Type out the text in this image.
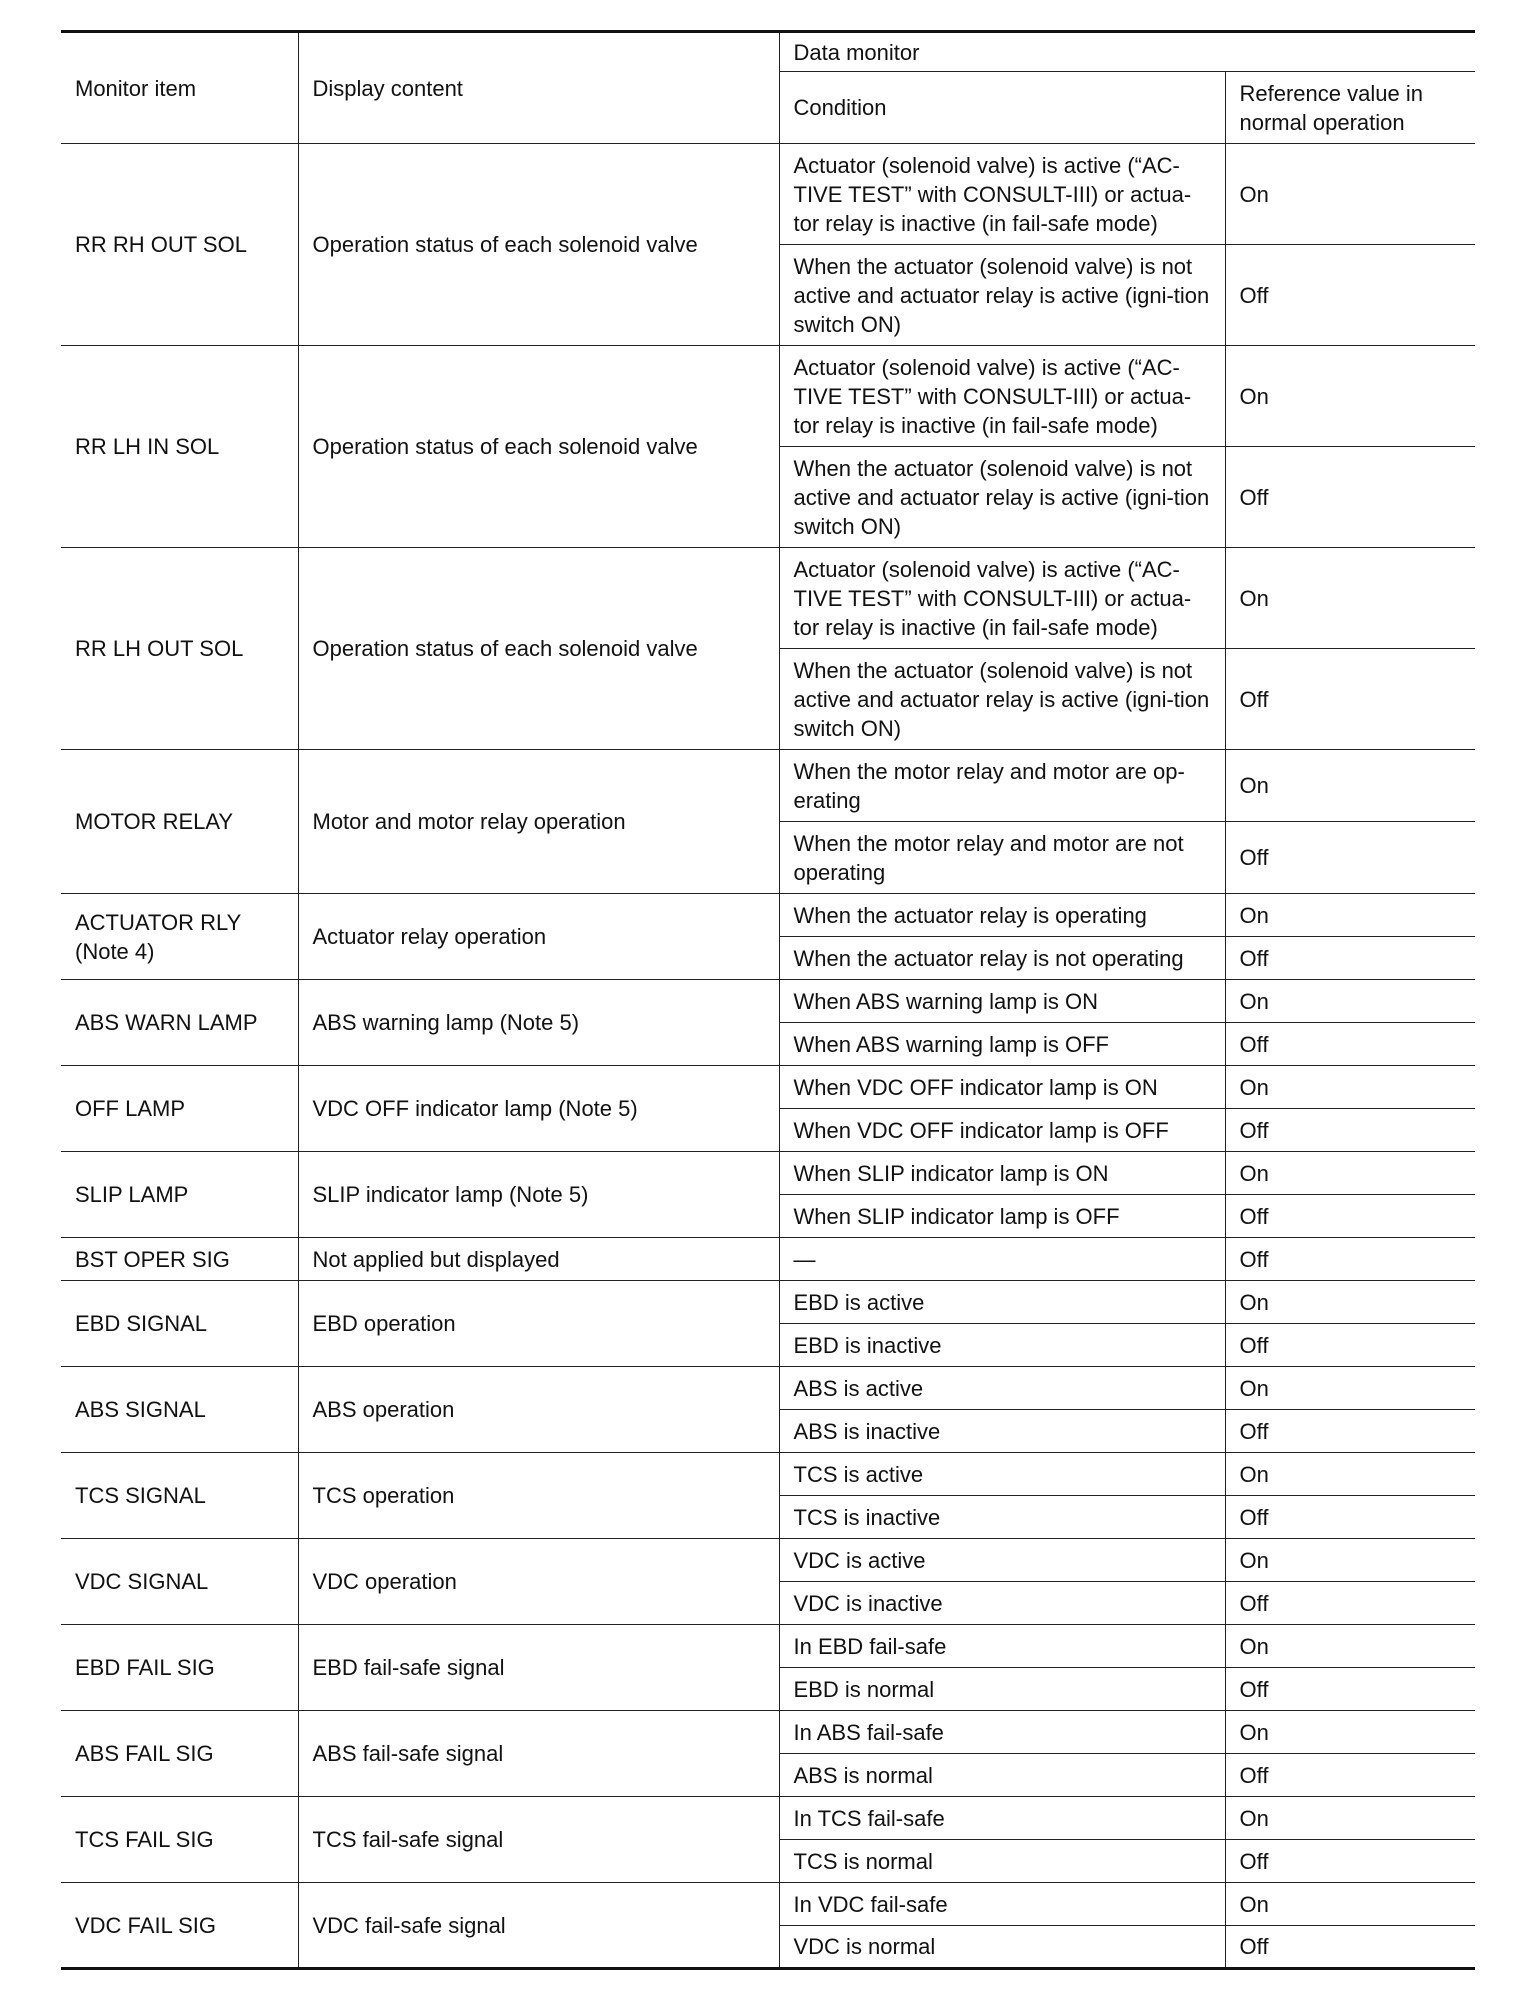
Monitor item	Display content	Data monitor	
		Condition	Reference value in normal operation
RR RH OUT SOL	Operation status of each solenoid valve	Actuator (solenoid valve) is active (“AC-TIVE TEST” with CONSULT-III) or actua-tor relay is inactive (in fail-safe mode)	On
		When the actuator (solenoid valve) is not active and actuator relay is active (igni-tion switch ON)	Off
RR LH IN SOL	Operation status of each solenoid valve	Actuator (solenoid valve) is active (“AC-TIVE TEST” with CONSULT-III) or actua-tor relay is inactive (in fail-safe mode)	On
		When the actuator (solenoid valve) is not active and actuator relay is active (igni-tion switch ON)	Off
RR LH OUT SOL	Operation status of each solenoid valve	Actuator (solenoid valve) is active (“AC-TIVE TEST” with CONSULT-III) or actua-tor relay is inactive (in fail-safe mode)	On
		When the actuator (solenoid valve) is not active and actuator relay is active (igni-tion switch ON)	Off
MOTOR RELAY	Motor and motor relay operation	When the motor relay and motor are op-erating	On
		When the motor relay and motor are not operating	Off
ACTUATOR RLY (Note 4)	Actuator relay operation	When the actuator relay is operating	On
		When the actuator relay is not operating	Off
ABS WARN LAMP	ABS warning lamp (Note 5)	When ABS warning lamp is ON	On
		When ABS warning lamp is OFF	Off
OFF LAMP	VDC OFF indicator lamp (Note 5)	When VDC OFF indicator lamp is ON	On
		When VDC OFF indicator lamp is OFF	Off
SLIP LAMP	SLIP indicator lamp (Note 5)	When SLIP indicator lamp is ON	On
		When SLIP indicator lamp is OFF	Off
BST OPER SIG	Not applied but displayed	—	Off
EBD SIGNAL	EBD operation	EBD is active	On
		EBD is inactive	Off
ABS SIGNAL	ABS operation	ABS is active	On
		ABS is inactive	Off
TCS SIGNAL	TCS operation	TCS is active	On
		TCS is inactive	Off
VDC SIGNAL	VDC operation	VDC is active	On
		VDC is inactive	Off
EBD FAIL SIG	EBD fail-safe signal	In EBD fail-safe	On
		EBD is normal	Off
ABS FAIL SIG	ABS fail-safe signal	In ABS fail-safe	On
		ABS is normal	Off
TCS FAIL SIG	TCS fail-safe signal	In TCS fail-safe	On
		TCS is normal	Off
VDC FAIL SIG	VDC fail-safe signal	In VDC fail-safe	On
		VDC is normal	Off
